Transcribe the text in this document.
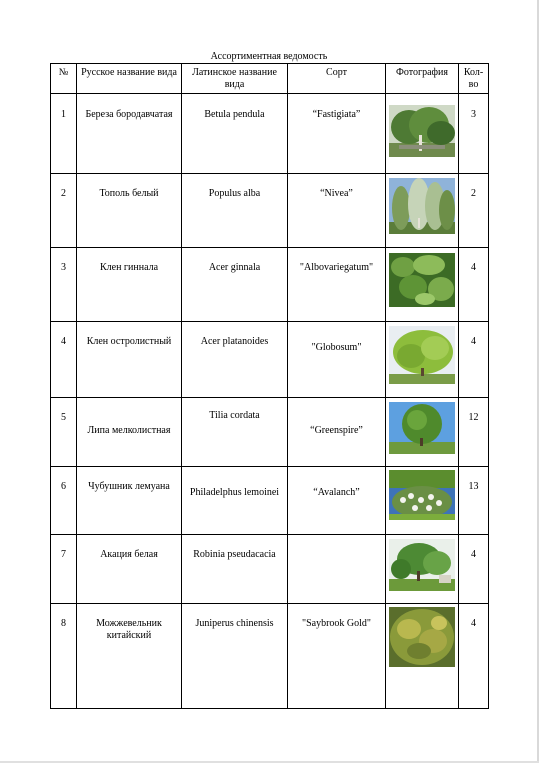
Ассортиментная ведомость
№	Русское название вида	Латинское название вида	Сорт	Фотография	Кол-во
1	Береза бородавчатая	Betula pendula	“Fastigiata”		3
2	Тополь белый	Populus alba	“Nivea”		2
3	Клен гиннала	Acer ginnala	"Albovariegatum"		4
4	Клен остролистный	Acer platanoides	"Globosum"		4
5	Липа мелколистная	Tilia cordata	“Greenspire”		12
6	Чубушник лемуана	Philadelphus lemoinei	“Avalanch”		13
7	Акация белая	Robinia pseudacacia			4
8	Можжевельник китайский	Juniperus chinensis	"Saybrook Gold"		4
